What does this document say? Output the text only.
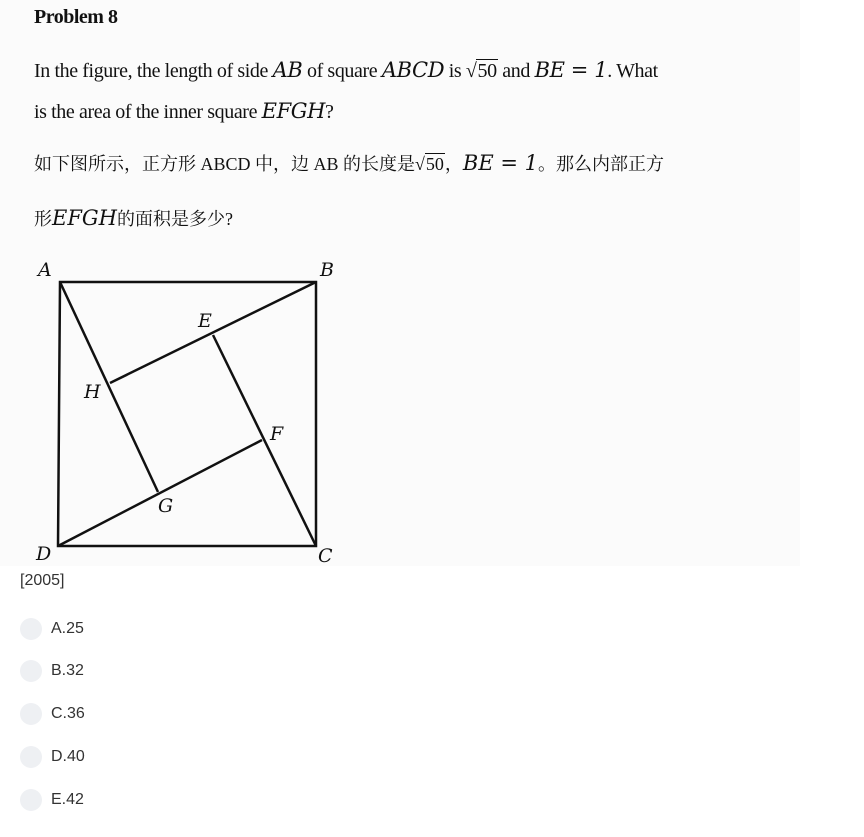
Problem 8
In the figure, the length of side AB of square ABCD is √50 and BE = 1. What
is the area of the inner square EFGH?
如下图所示，正方形 ABCD 中，边 AB 的长度是√50，BE = 1。那么内部正方
形EFGH的面积是多少?
A	B
C
D
E
F
G
H
[2005]
A.25
B.32
C.36
D.40
E.42
